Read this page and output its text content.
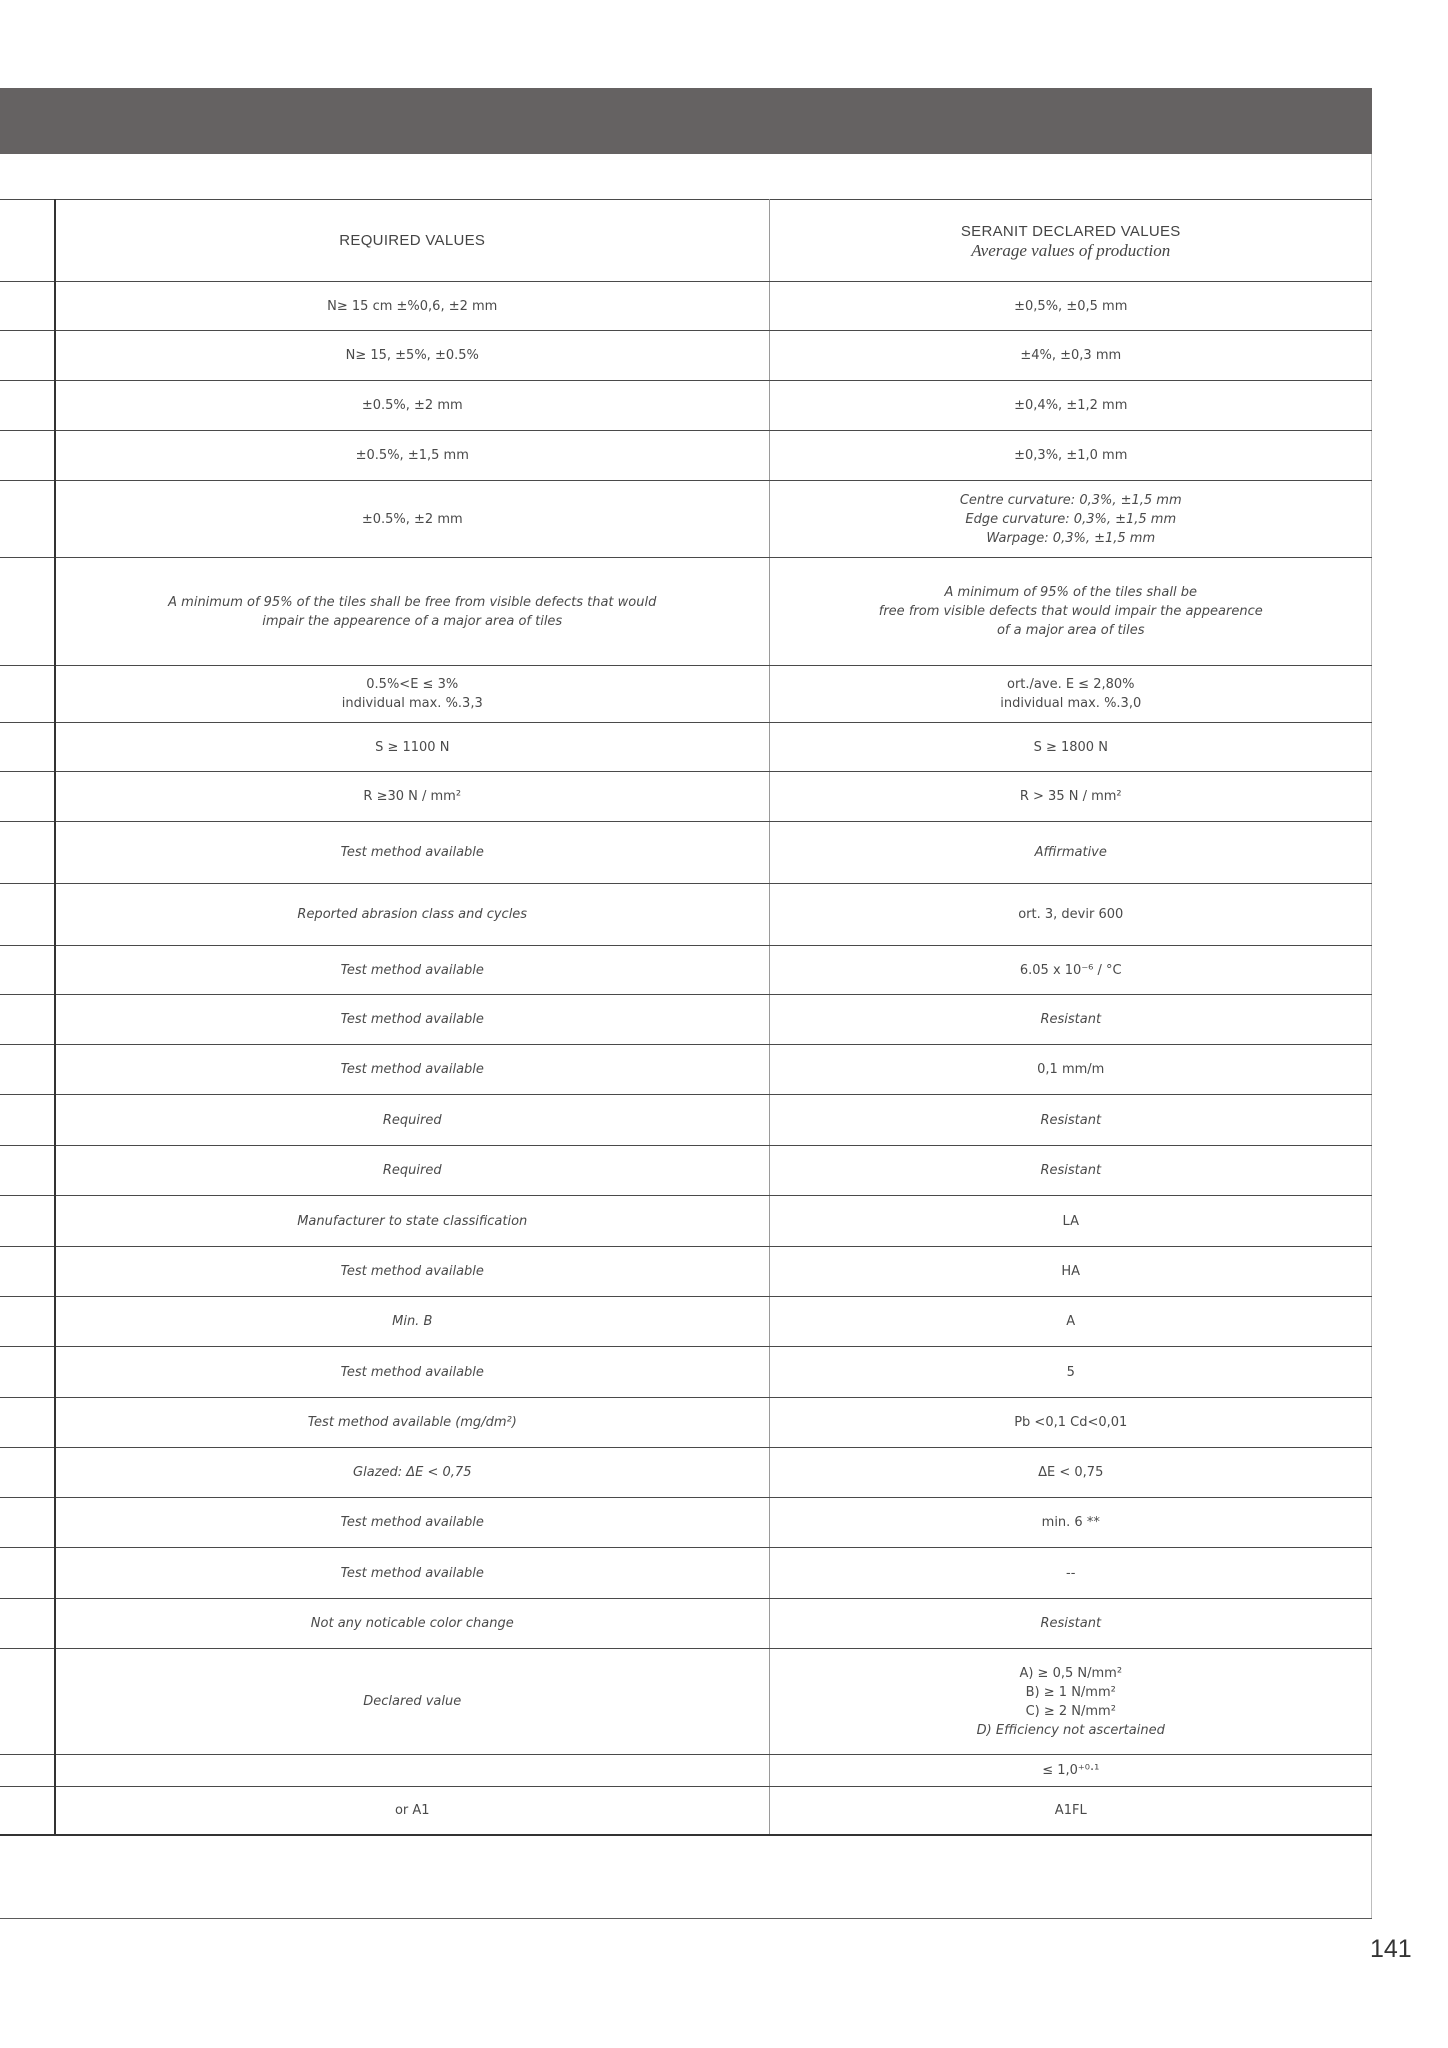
	REQUIRED VALUES	SERANIT DECLARED VALUES
Average values of production

	N≥ 15 cm ±%0,6, ±2 mm	±0,5%, ±0,5 mm

	N≥ 15, ±5%, ±0.5%	±4%, ±0,3 mm

	±0.5%, ±2 mm	±0,4%, ±1,2 mm

	±0.5%, ±1,5 mm	±0,3%, ±1,0 mm

	±0.5%, ±2 mm	Centre curvature: 0,3%, ±1,5 mm
Edge curvature: 0,3%, ±1,5 mm
Warpage: 0,3%, ±1,5 mm

	A minimum of 95% of the tiles shall be free from visible defects that would
impair the appearence of a major area of tiles	A minimum of 95% of the tiles shall be
free from visible defects that would impair the appearence
of a major area of tiles

	0.5%<E ≤ 3%
individual max. %.3,3	ort./ave. E ≤ 2,80%
individual max. %.3,0

	S ≥ 1100 N	S ≥ 1800 N

	R ≥30 N / mm²	R > 35 N / mm²

	Test method available	Affirmative

	Reported abrasion class and cycles	ort. 3, devir 600

	Test method available	6.05 x 10⁻⁶ / °C

	Test method available	Resistant

	Test method available	0,1 mm/m

	Required	Resistant

	Required	Resistant

	Manufacturer to state classification	LA

	Test method available	HA

	Min. B	A

	Test method available	5

	Test method available (mg/dm²)	Pb <0,1 Cd<0,01

	Glazed: ΔE < 0,75	ΔE < 0,75

	Test method available	min. 6 **

	Test method available	--

	Not any noticable color change	Resistant

	Declared value	A) ≥ 0,5 N/mm²
B) ≥ 1 N/mm²
C) ≥ 2 N/mm²
D) Efficiency not ascertained

		≤ 1,0⁺⁰·¹

	or A1	A1FL
141
